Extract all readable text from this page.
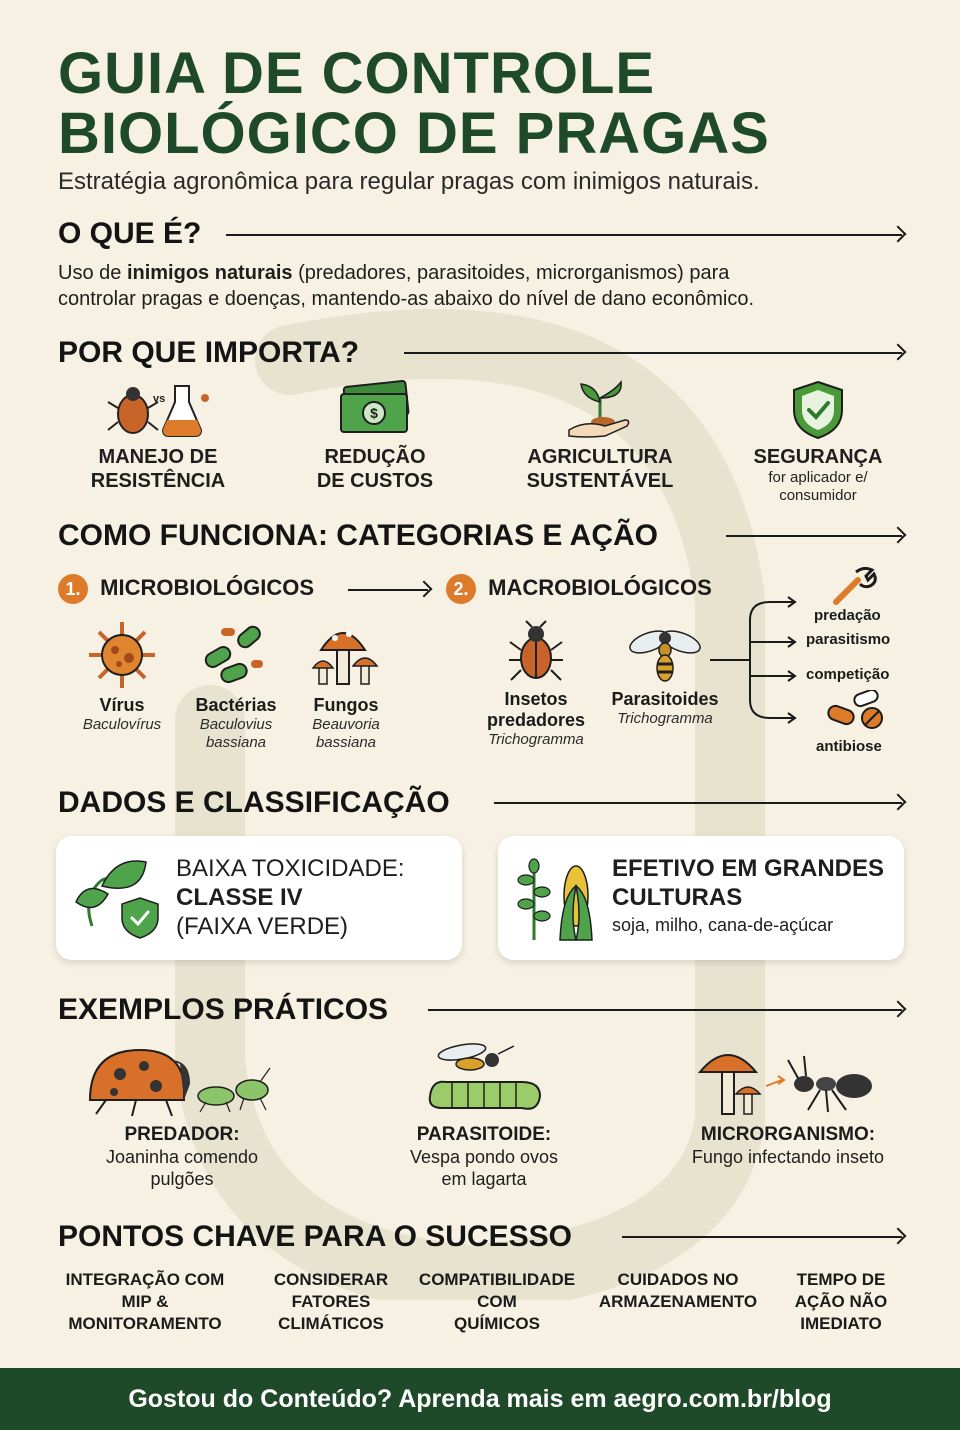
GUIA DE CONTROLE
BIOLÓGICO DE PRAGAS
Estratégia agronômica para regular pragas com inimigos naturais.
O QUE É?
Uso de inimigos naturais (predadores, parasitoides, microrganismos) para
controlar pragas e doenças, mantendo-as abaixo do nível de dano econômico.
POR QUE IMPORTA?
vs
MANEJO DE
RESISTÊNCIA
$
REDUÇÃO
DE CUSTOS
AGRICULTURA
SUSTENTÁVEL
SEGURANÇA
for aplicador e/
consumidor
COMO FUNCIONA: CATEGORIAS E AÇÃO
1. MICROBIOLÓGICOS	2. MACROBIOLÓGICOS
Vírus
Baculovírus
Bactérias
Baculovius
bassiana
Fungos
Beauvoria
bassiana
Insetos
predadores
Trichogramma
Parasitoides
Trichogramma
predação
parasitismo
competição
antibiose
DADOS E CLASSIFICAÇÃO
BAIXA TOXICIDADE:
CLASSE IV
(FAIXA VERDE)
EFETIVO EM GRANDES
CULTURAS
soja, milho, cana-de-açúcar
EXEMPLOS PRÁTICOS
PREDADOR:
Joaninha comendo
pulgões
PARASITOIDE:
Vespa pondo ovos
em lagarta
MICRORGANISMO:
Fungo infectando inseto
PONTOS CHAVE PARA O SUCESSO
INTEGRAÇÃO COM
MIP &
MONITORAMENTO
CONSIDERAR
FATORES
CLIMÁTICOS
COMPATIBILIDADE
COM
QUÍMICOS
CUIDADOS NO
ARMAZENAMENTO
TEMPO DE
AÇÃO NÃO
IMEDIATO
Gostou do Conteúdo? Aprenda mais em aegro.com.br/blog
